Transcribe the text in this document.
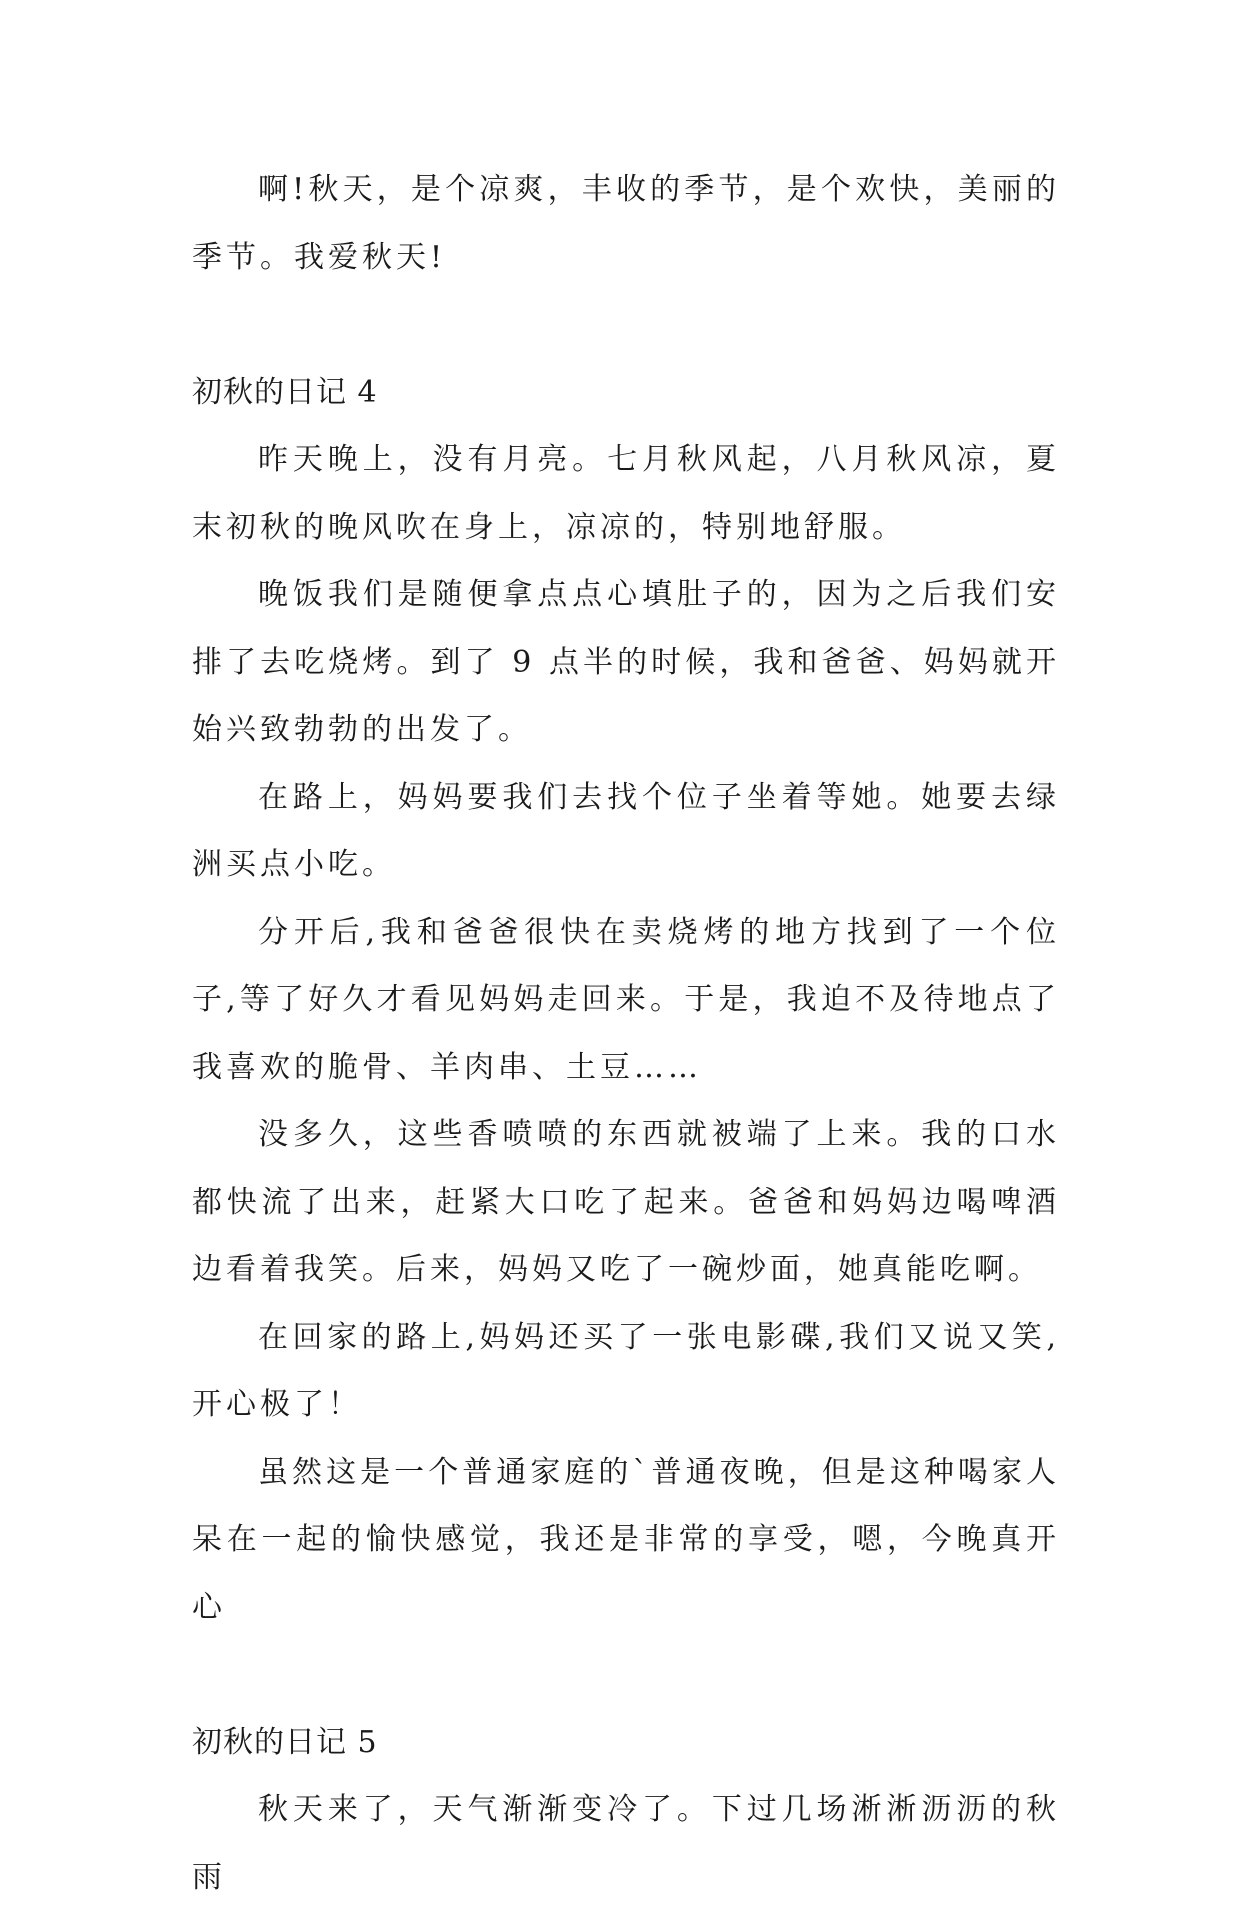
啊!秋天，是个凉爽，丰收的季节，是个欢快，美丽的季节。我爱秋天!

初秋的日记 4

昨天晚上，没有月亮。七月秋风起，八月秋风凉，夏末初秋的晚风吹在身上，凉凉的，特别地舒服。

晚饭我们是随便拿点点心填肚子的，因为之后我们安排了去吃烧烤。到了 9 点半的时候，我和爸爸、妈妈就开始兴致勃勃的出发了。

在路上，妈妈要我们去找个位子坐着等她。她要去绿洲买点小吃。

分开后,我和爸爸很快在卖烧烤的地方找到了一个位子,等了好久才看见妈妈走回来。于是，我迫不及待地点了我喜欢的脆骨、羊肉串、土豆……

没多久，这些香喷喷的东西就被端了上来。我的口水都快流了出来，赶紧大口吃了起来。爸爸和妈妈边喝啤酒边看着我笑。后来，妈妈又吃了一碗炒面，她真能吃啊。

在回家的路上,妈妈还买了一张电影碟,我们又说又笑,开心极了！

虽然这是一个普通家庭的`普通夜晚，但是这种喝家人呆在一起的愉快感觉，我还是非常的享受，嗯，今晚真开心

初秋的日记 5

秋天来了，天气渐渐变冷了。下过几场淅淅沥沥的秋雨
